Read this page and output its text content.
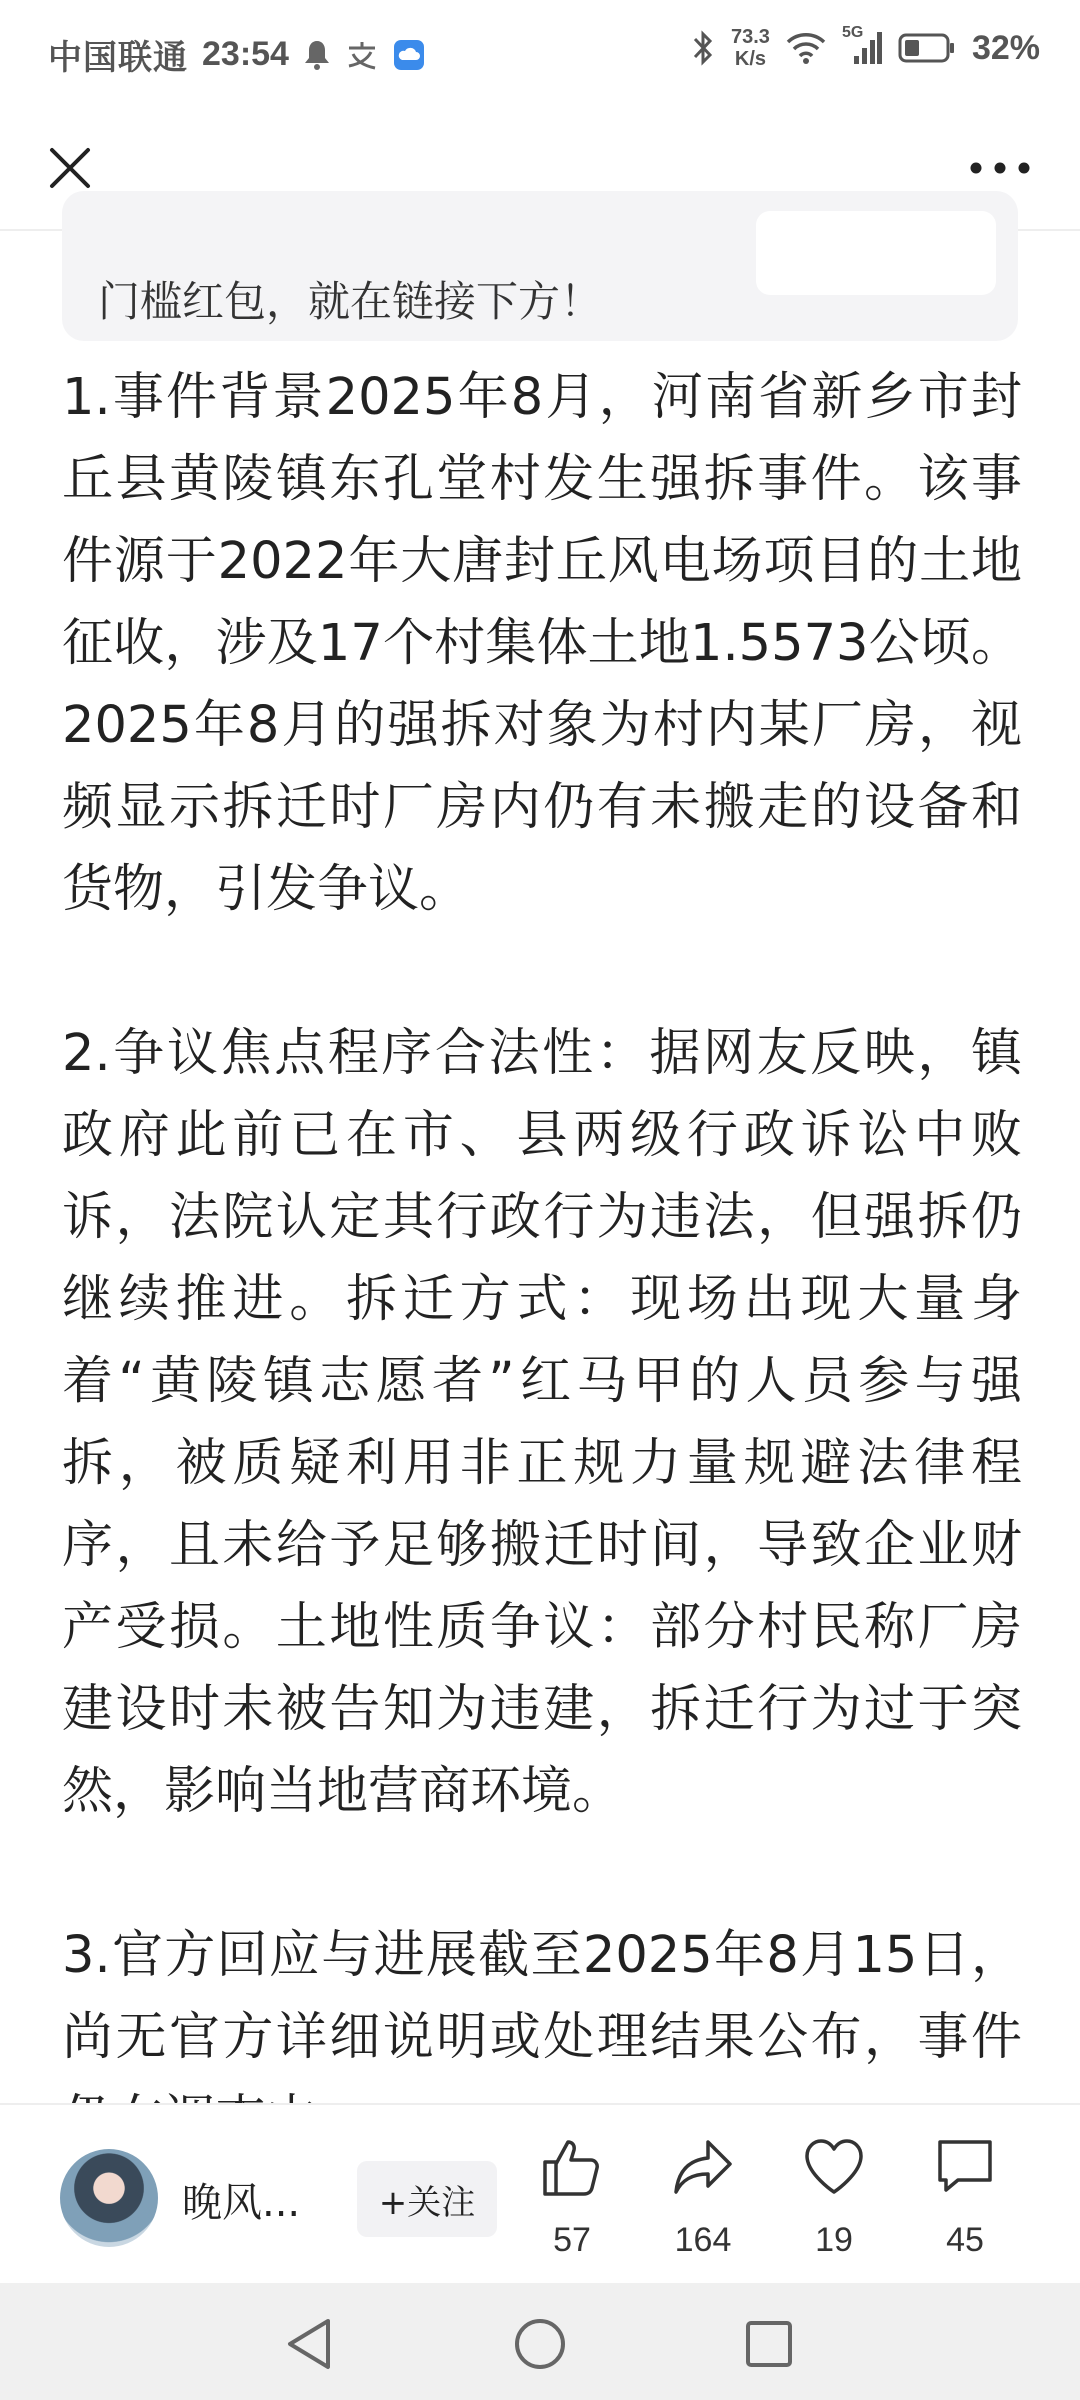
中国联通 23:54	73.3
K/s
5G	32%
门槛红包，就在链接下方！

1.事件背景2025年8月，河南省新乡市封丘县黄陵镇东孔堂村发生强拆事件。该事件源于2022年大唐封丘风电场项目的土地征收，涉及17个村集体土地1.5573公顷。2025年8月的强拆对象为村内某厂房，视频显示拆迁时厂房内仍有未搬走的设备和货物，引发争议。

2.争议焦点程序合法性：据网友反映，镇政府此前已在市、县两级行政诉讼中败诉，法院认定其行政行为违法，但强拆仍继续推进。拆迁方式：现场出现大量身着“黄陵镇志愿者”红马甲的人员参与强拆，被质疑利用非正规力量规避法律程序，且未给予足够搬迁时间，导致企业财产受损。土地性质争议：部分村民称厂房建设时未被告知为违建，拆迁行为过于突然，影响当地营商环境。

3.官方回应与进展截至2025年8月15日，尚无官方详细说明或处理结果公布，事件

晚风...	+关注
57 164 19	45
